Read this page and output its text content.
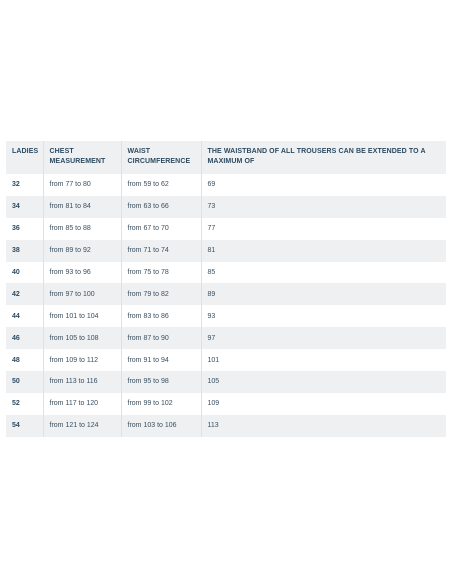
LADIES	CHEST MEASUREMENT	WAIST CIRCUMFERENCE	THE WAISTBAND OF ALL TROUSERS CAN BE EXTENDED TO A MAXIMUM OF
32	from 77 to 80	from 59 to 62	69
34	from 81 to 84	from 63 to 66	73
36	from 85 to 88	from 67 to 70	77
38	from 89 to 92	from 71 to 74	81
40	from 93 to 96	from 75 to 78	85
42	from 97 to 100	from 79 to 82	89
44	from 101 to 104	from 83 to 86	93
46	from 105 to 108	from 87 to 90	97
48	from 109 to 112	from 91 to 94	101
50	from 113 to 116	from 95 to 98	105
52	from 117 to 120	from 99 to 102	109
54	from 121 to 124	from 103 to 106	113
